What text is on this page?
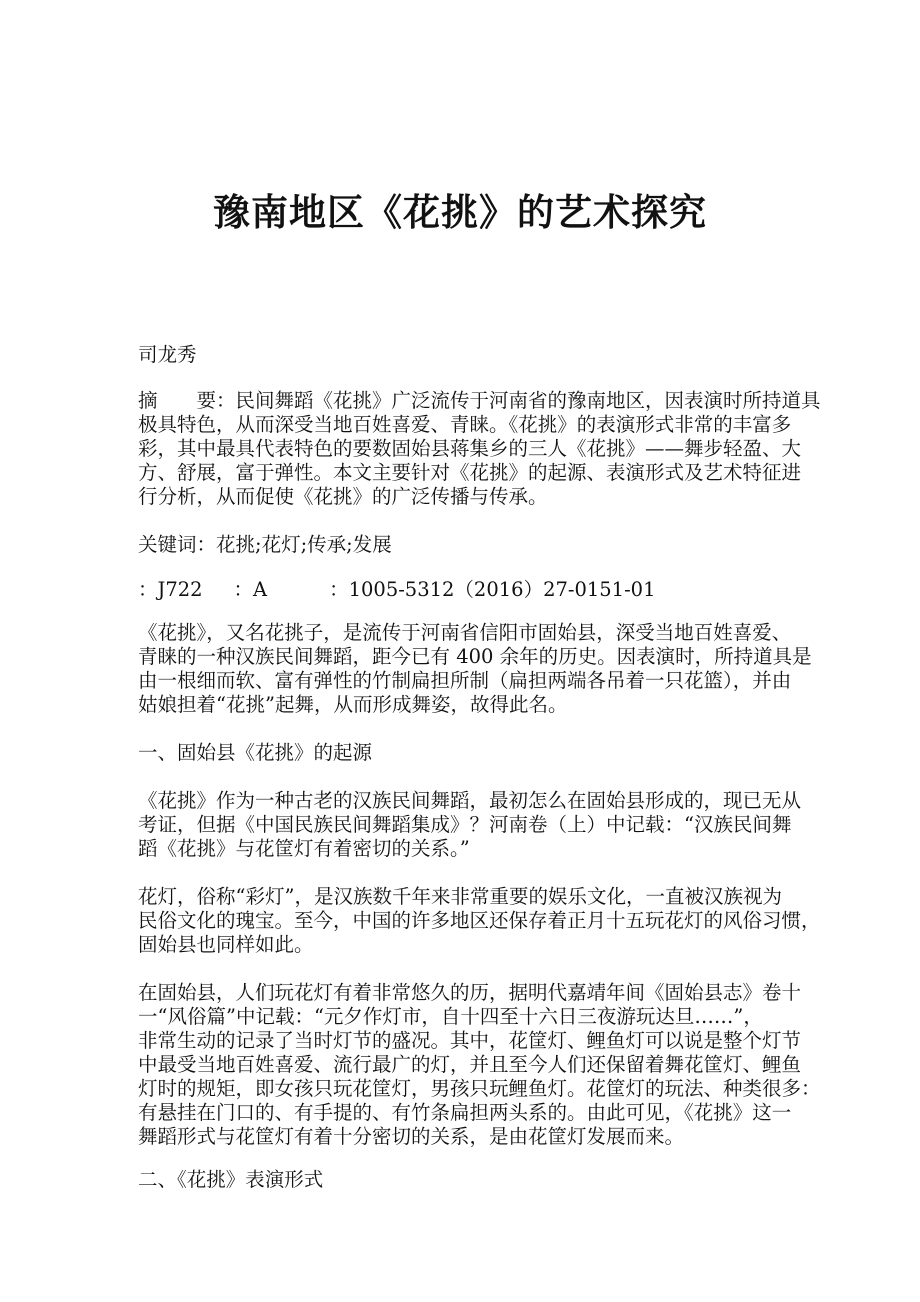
豫南地区《花挑》的艺术探究
司龙秀
摘　　要：民间舞蹈《花挑》广泛流传于河南省的豫南地区，因表演时所持道具
极具特色，从而深受当地百姓喜爱、青睐。《花挑》的表演形式非常的丰富多
彩，其中最具代表特色的要数固始县蒋集乡的三人《花挑》——舞步轻盈、大
方、舒展，富于弹性。本文主要针对《花挑》的起源、表演形式及艺术特征进
行分析，从而促使《花挑》的广泛传播与传承。
关键词：花挑;花灯;传承;发展
：J722     ：A          ：1005-5312（2016）27-0151-01
《花挑》，又名花挑子，是流传于河南省信阳市固始县，深受当地百姓喜爱、
青睐的一种汉族民间舞蹈，距今已有 400 余年的历史。因表演时，所持道具是
由一根细而软、富有弹性的竹制扁担所制（扁担两端各吊着一只花篮），并由
姑娘担着“花挑”起舞，从而形成舞姿，故得此名。
一、固始县《花挑》的起源
《花挑》作为一种古老的汉族民间舞蹈，最初怎么在固始县形成的，现已无从
考证，但据《中国民族民间舞蹈集成》？河南卷（上）中记载：“汉族民间舞
蹈《花挑》与花筐灯有着密切的关系。”
花灯，俗称“彩灯”，是汉族数千年来非常重要的娱乐文化，一直被汉族视为
民俗文化的瑰宝。至今，中国的许多地区还保存着正月十五玩花灯的风俗习惯，
固始县也同样如此。
在固始县，人们玩花灯有着非常悠久的历，据明代嘉靖年间《固始县志》卷十
一“风俗篇”中记载：“元夕作灯市，自十四至十六日三夜游玩达旦……”，
非常生动的记录了当时灯节的盛况。其中，花筐灯、鲤鱼灯可以说是整个灯节
中最受当地百姓喜爱、流行最广的灯，并且至今人们还保留着舞花筐灯、鲤鱼
灯时的规矩，即女孩只玩花筐灯，男孩只玩鲤鱼灯。花筐灯的玩法、种类很多：
有悬挂在门口的、有手提的、有竹条扁担两头系的。由此可见，《花挑》这一
舞蹈形式与花筐灯有着十分密切的关系，是由花筐灯发展而来。
二、《花挑》表演形式
